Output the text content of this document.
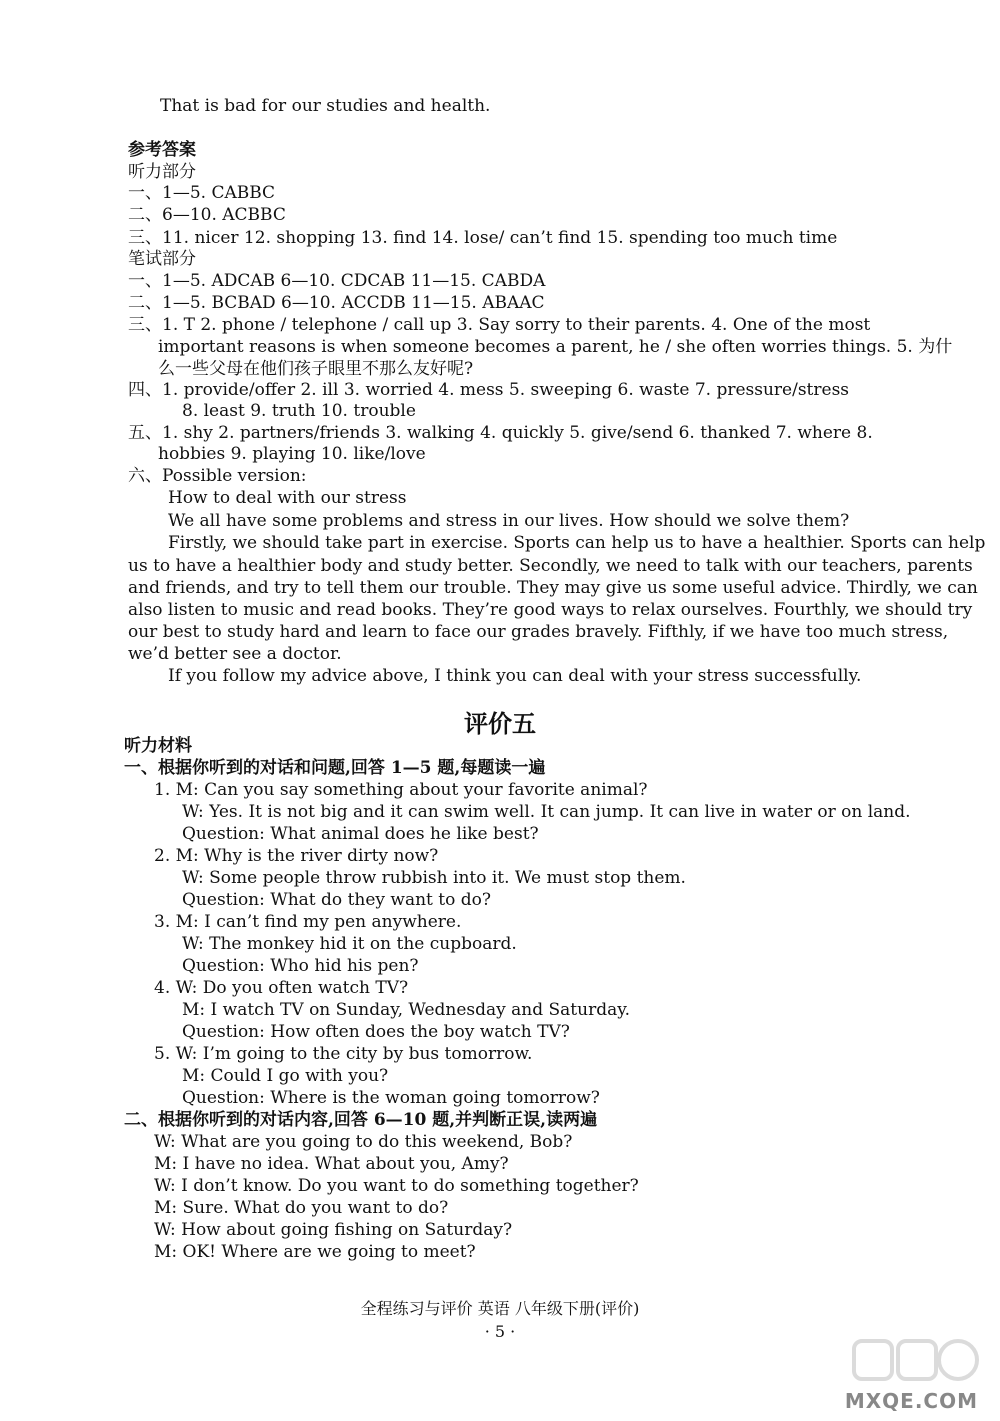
That is bad for our studies and health.
参考答案
听力部分
一、1—5. CABBC
二、6—10. ACBBC
三、11. nicer 12. shopping 13. find 14. lose/ can’t find 15. spending too much time
笔试部分
一、1—5. ADCAB 6—10. CDCAB 11—15. CABDA
二、1—5. BCBAD 6—10. ACCDB 11—15. ABAAC
三、1. T 2. phone / telephone / call up 3. Say sorry to their parents. 4. One of the most
important reasons is when someone becomes a parent, he / she often worries things. 5. 为什
么一些父母在他们孩子眼里不那么友好呢?
四、1. provide/offer 2. ill 3. worried 4. mess 5. sweeping 6. waste 7. pressure/stress
8. least 9. truth 10. trouble
五、1. shy 2. partners/friends 3. walking 4. quickly 5. give/send 6. thanked 7. where 8.
hobbies 9. playing 10. like/love
六、Possible version:
How to deal with our stress
We all have some problems and stress in our lives. How should we solve them?
Firstly, we should take part in exercise. Sports can help us to have a healthier. Sports can help
us to have a healthier body and study better. Secondly, we need to talk with our teachers, parents
and friends, and try to tell them our trouble. They may give us some useful advice. Thirdly, we can
also listen to music and read books. They’re good ways to relax ourselves. Fourthly, we should try
our best to study hard and learn to face our grades bravely. Fifthly, if we have too much stress,
we’d better see a doctor.
If you follow my advice above, I think you can deal with your stress successfully.
评价五
听力材料
一、根据你听到的对话和问题,回答 1—5 题,每题读一遍
1. M: Can you say something about your favorite animal?
W: Yes. It is not big and it can swim well. It can jump. It can live in water or on land.
Question: What animal does he like best?
2. M: Why is the river dirty now?
W: Some people throw rubbish into it. We must stop them.
Question: What do they want to do?
3. M: I can’t find my pen anywhere.
W: The monkey hid it on the cupboard.
Question: Who hid his pen?
4. W: Do you often watch TV?
M: I watch TV on Sunday, Wednesday and Saturday.
Question: How often does the boy watch TV?
5. W: I’m going to the city by bus tomorrow.
M: Could I go with you?
Question: Where is the woman going tomorrow?
二、根据你听到的对话内容,回答 6—10 题,并判断正误,读两遍
W: What are you going to do this weekend, Bob?
M: I have no idea. What about you, Amy?
W: I don’t know. Do you want to do something together?
M: Sure. What do you want to do?
W: How about going fishing on Saturday?
M: OK! Where are we going to meet?
全程练习与评价 英语 八年级下册(评价)
· 5 ·
MXQE.COM
